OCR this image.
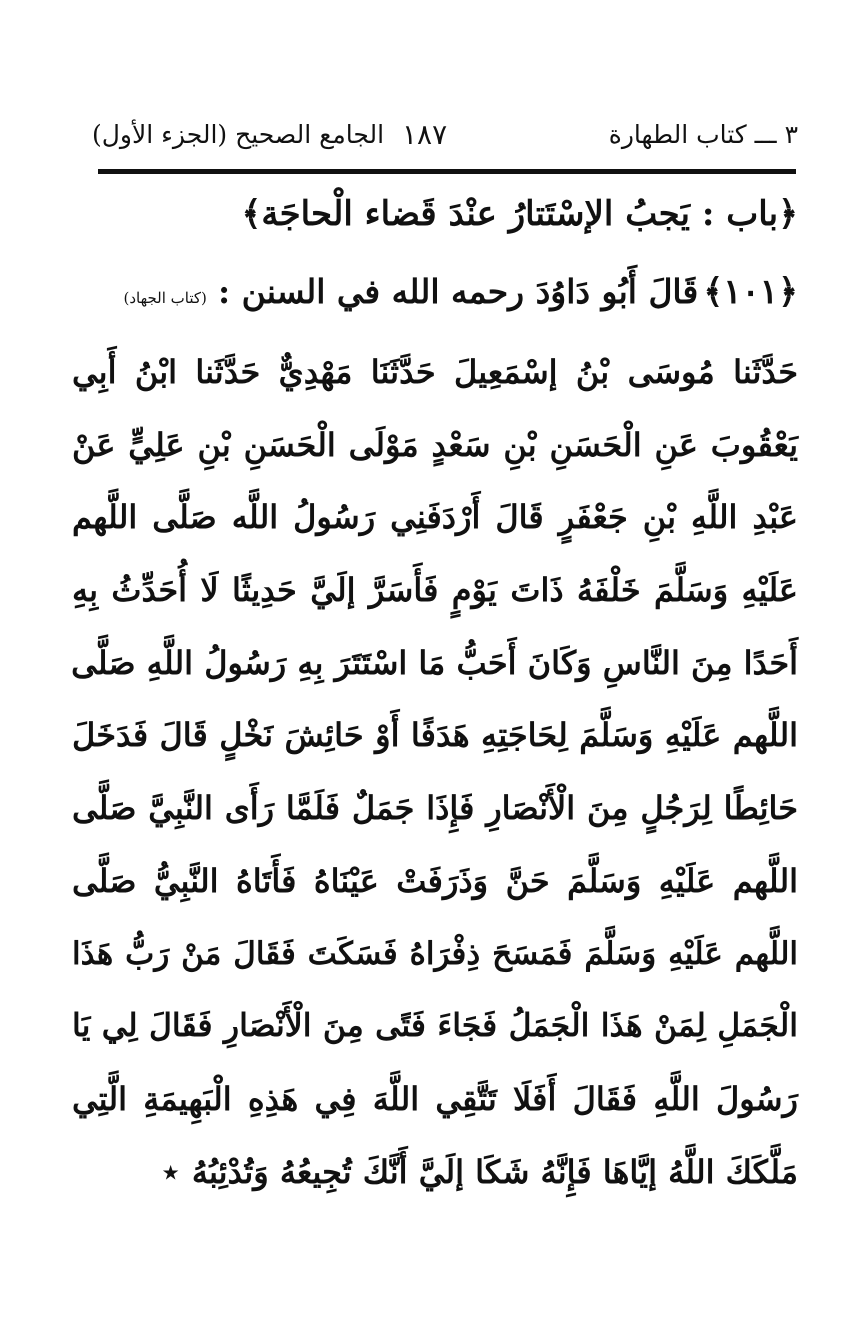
٣ ـــ كتاب الطهارة
١٨٧
الجامع الصحيح (الجزء الأول)
﴿باب : يَجبُ الإسْتَتارُ عنْدَ قَضاء الْحاجَة﴾
﴿١٠١﴾ قَالَ أَبُو دَاوُدَ رحمه الله في السنن : (كتاب الجهاد)
حَدَّثَنا مُوسَى بْنُ إسْمَعِيلَ حَدَّثَنَا مَهْدِيٌّ حَدَّثَنا ابْنُ أَبِي
يَعْقُوبَ عَنِ الْحَسَنِ بْنِ سَعْدٍ مَوْلَى الْحَسَنِ بْنِ عَلِيٍّ عَنْ
عَبْدِ اللَّهِ بْنِ جَعْفَرٍ قَالَ أَرْدَفَنِي رَسُولُ اللَّه صَلَّى اللَّهم
عَلَيْهِ وَسَلَّمَ خَلْفَهُ ذَاتَ يَوْمٍ فَأَسَرَّ إلَيَّ حَدِيثًا لَا أُحَدِّثُ بِهِ
أَحَدًا مِنَ النَّاسِ وَكَانَ أَحَبُّ مَا اسْتَتَرَ بِهِ رَسُولُ اللَّهِ صَلَّى
اللَّهم عَلَيْهِ وَسَلَّمَ لِحَاجَتِهِ هَدَفًا أَوْ حَائِشَ نَخْلٍ قَالَ فَدَخَلَ
حَائِطًا لِرَجُلٍ مِنَ الْأَنْصَارِ فَإِذَا جَمَلٌ فَلَمَّا رَأَى النَّبِيَّ صَلَّى
اللَّهم عَلَيْهِ وَسَلَّمَ حَنَّ وَذَرَفَتْ عَيْنَاهُ فَأَتَاهُ النَّبِيُّ صَلَّى
اللَّهم عَلَيْهِ وَسَلَّمَ فَمَسَحَ ذِفْرَاهُ فَسَكَتَ فَقَالَ مَنْ رَبُّ هَذَا
الْجَمَلِ لِمَنْ هَذَا الْجَمَلُ فَجَاءَ فَتًى مِنَ الْأَنْصَارِ فَقَالَ لِي يَا
رَسُولَ اللَّهِ فَقَالَ أَفَلَا تَتَّقِي اللَّهَ فِي هَذِهِ الْبَهِيمَةِ الَّتِي
مَلَّكَكَ اللَّهُ إيَّاهَا فَإِنَّهُ شَكَا إلَيَّ أَنَّكَ تُجِيعُهُ وَتُدْئِبُهُ ⋆
